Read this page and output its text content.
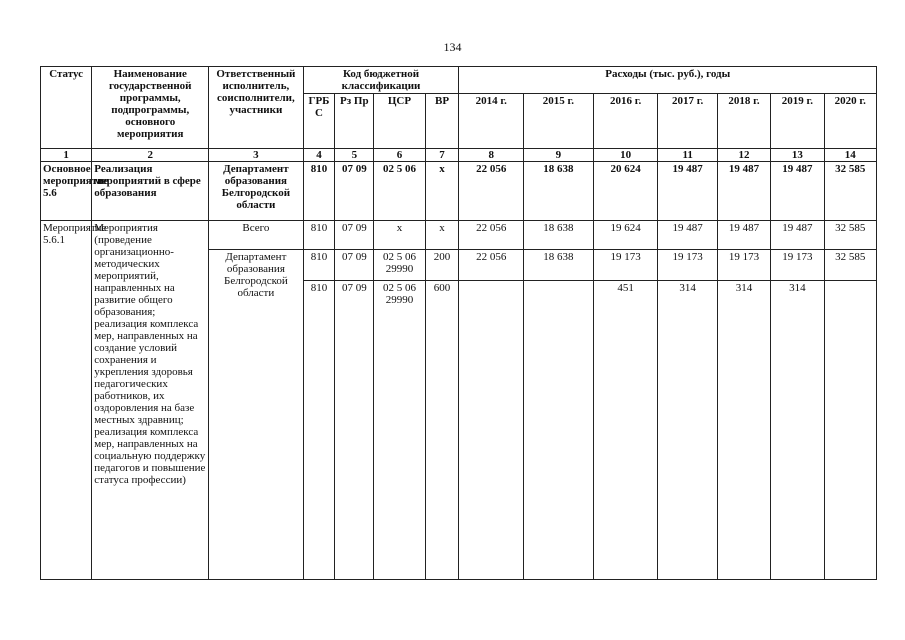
134
Статус	Наименование государственной программы, подпрограммы, основного мероприятия	Ответственный исполнитель, соисполнители, участники	Код бюджетной классификации				Расходы (тыс. руб.), годы						
			ГРБ С	Рз Пр	ЦСР	ВР	2014 г.	2015 г.	2016 г.	2017 г.	2018 г.	2019 г.	2020 г.
1	2	3	4	5	6	7	8	9	10	11	12	13	14
Основное мероприятие 5.6	Реализация мероприятий в сфере образования	Департамент образования Белгородской области	810	07 09	02 5 06	х	22 056	18 638	20 624	19 487	19 487	19 487	32 585
Мероприятие 5.6.1	Мероприятия (проведение организационно-методических мероприятий, направленных на развитие общего образования; реализация комплекса мер, направленных на создание условий сохранения и укрепления здоровья педагогических работников, их оздоровления на базе местных здравниц; реализация комплекса мер, направленных на социальную поддержку педагогов и повышение статуса профессии)	Всего	810	07 09	х	х	22 056	18 638	19 624	19 487	19 487	19 487	32 585
		Департамент образования Белгородской области	810	07 09	02 5 06 29990	200	22 056	18 638	19 173	19 173	19 173	19 173	32 585
			810	07 09	02 5 06 29990	600			451	314	314	314	
